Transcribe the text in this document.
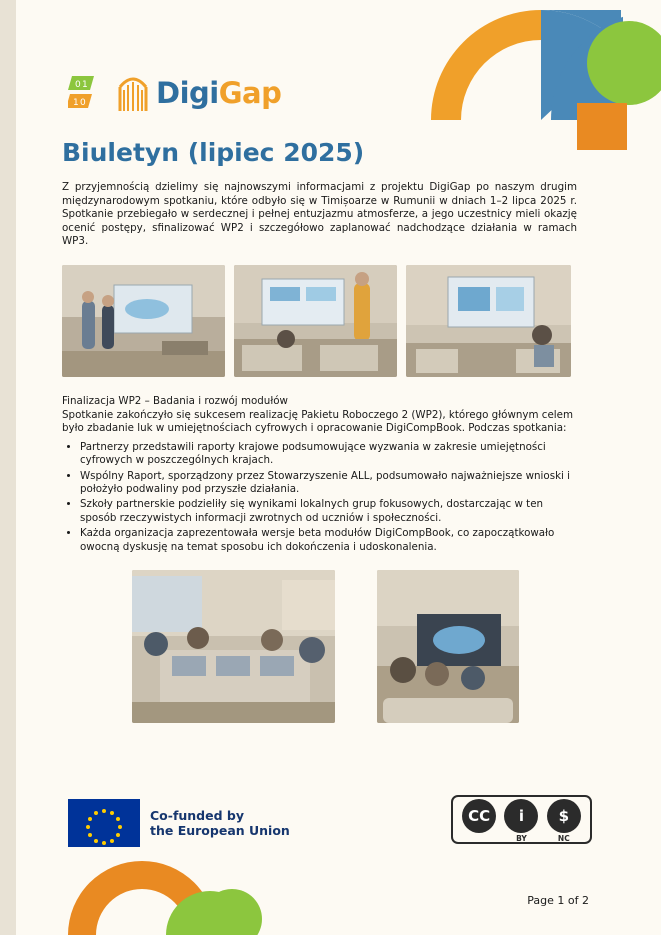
0 1
1 0 DigiGap
Biuletyn (lipiec 2025)

Z przyjemnością dzielimy się najnowszymi informacjami z projektu DigiGap po naszym drugim międzynarodowym spotkaniu, które odbyło się w Timișoarze w Rumunii w dniach 1–2 lipca 2025 r. Spotkanie przebiegało w serdecznej i pełnej entuzjazmu atmosferze, a jego uczestnicy mieli okazję ocenić postępy, sfinalizować WP2 i szczegółowo zaplanować nadchodzące działania w ramach WP3.

Finalizacja WP2 – Badania i rozwój modułów

Spotkanie zakończyło się sukcesem realizację Pakietu Roboczego 2 (WP2), którego głównym celem było zbadanie luk w umiejętnościach cyfrowych i opracowanie DigiCompBook. Podczas spotkania:

• Partnerzy przedstawili raporty krajowe podsumowujące wyzwania w zakresie umiejętności cyfrowych w poszczególnych krajach.
• Wspólny Raport, sporządzony przez Stowarzyszenie ALL, podsumowało najważniejsze wnioski i położyło podwaliny pod przyszłe działania.
• Szkoły partnerskie podzieliły się wynikami lokalnych grup fokusowych, dostarczając w ten sposób rzeczywistych informacji zwrotnych od uczniów i społeczności.
• Każda organizacja zaprezentowała wersje beta modułów DigiCompBook, co zapoczątkowało owocną dyskusję na temat sposobu ich dokończenia i udoskonalenia.
Co-funded by
the European Union
CC	i
BY
$
NC
Page 1 of 2
